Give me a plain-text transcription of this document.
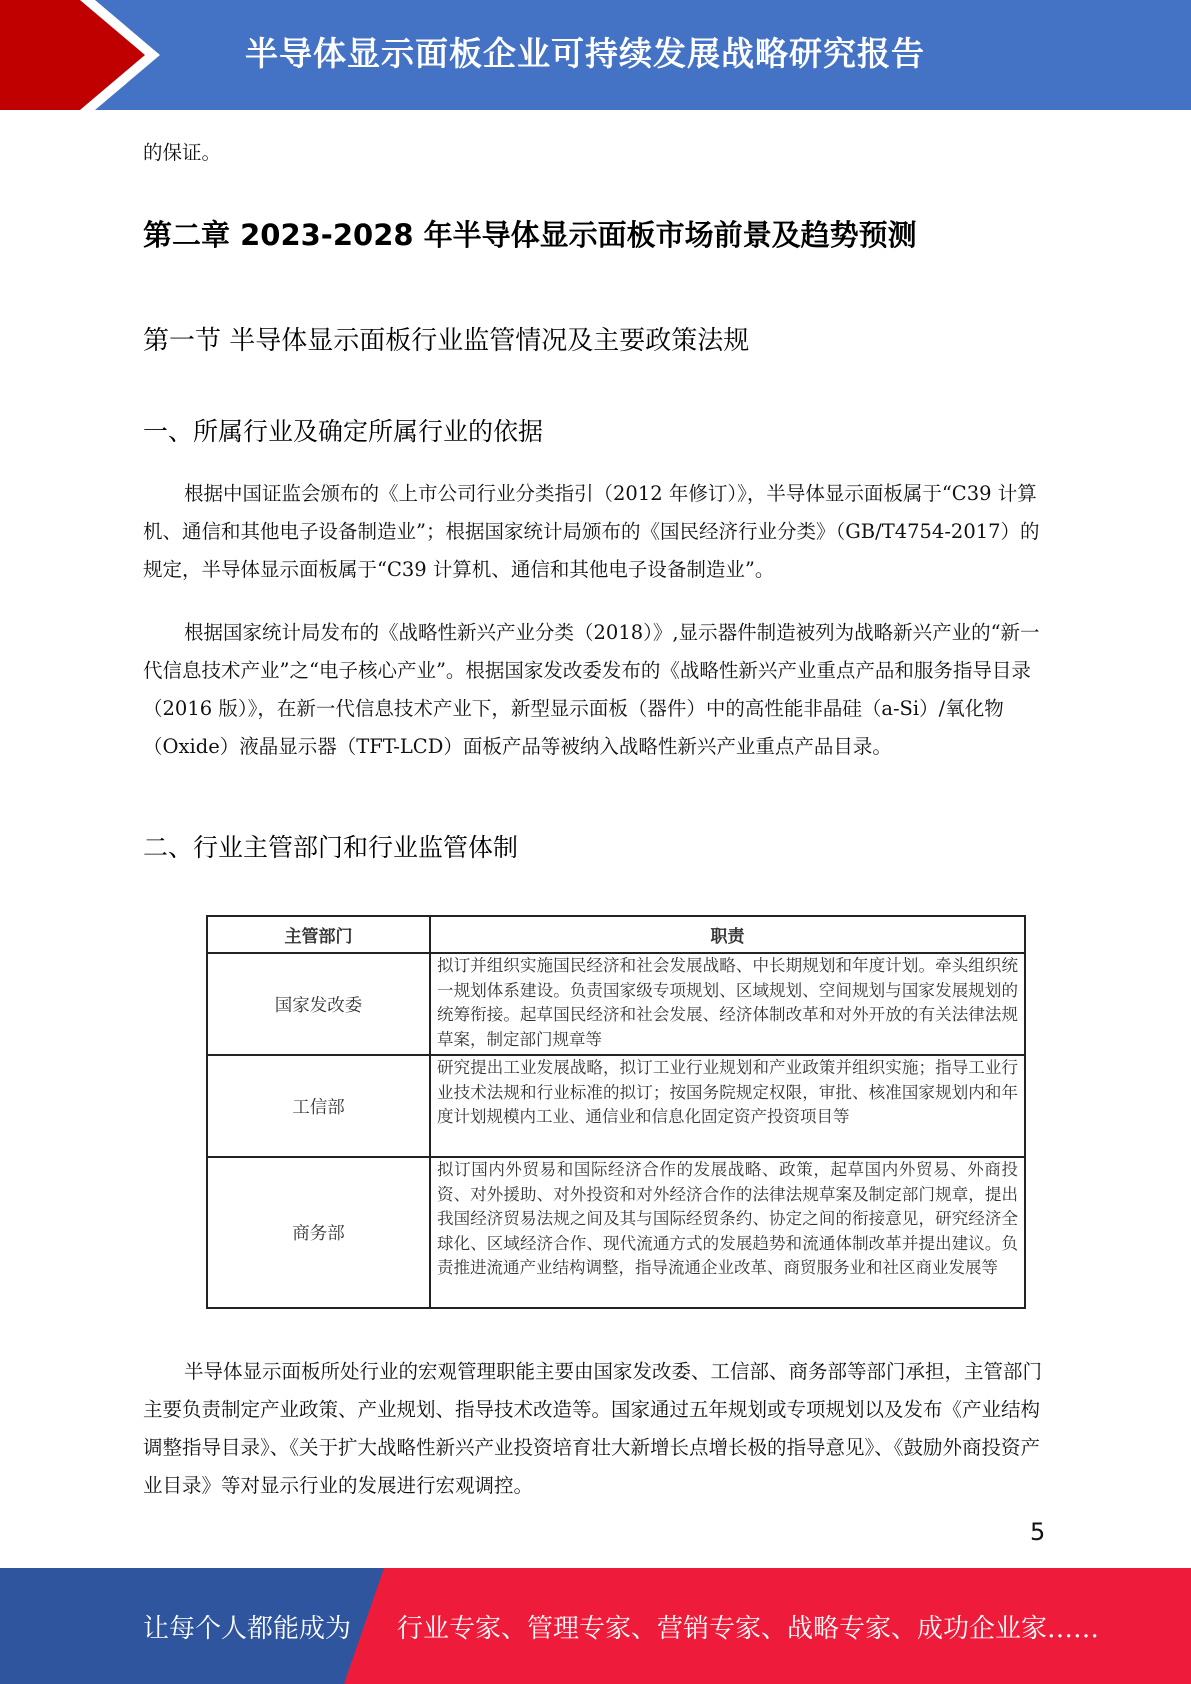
半导体显示面板企业可持续发展战略研究报告
的保证。
第二章 2023-2028 年半导体显示面板市场前景及趋势预测
第一节 半导体显示面板行业监管情况及主要政策法规
一、所属行业及确定所属行业的依据
根据中国证监会颁布的《上市公司行业分类指引（2012 年修订）》，半导体显示面板属于“C39 计算机、通信和其他电子设备制造业”；根据国家统计局颁布的《国民经济行业分类》（GB/T4754-2017）的规定，半导体显示面板属于“C39 计算机、通信和其他电子设备制造业”。
根据国家统计局发布的《战略性新兴产业分类（2018）》,显示器件制造被列为战略新兴产业的“新一代信息技术产业”之“电子核心产业”。根据国家发改委发布的《战略性新兴产业重点产品和服务指导目录（2016 版）》，在新一代信息技术产业下，新型显示面板（器件）中的高性能非晶硅（a-Si）/氧化物（Oxide）液晶显示器（TFT-LCD）面板产品等被纳入战略性新兴产业重点产品目录。
二、行业主管部门和行业监管体制
主管部门	职责
国家发改委	拟订并组织实施国民经济和社会发展战略、中长期规划和年度计划。牵头组织统一规划体系建设。负责国家级专项规划、区域规划、空间规划与国家发展规划的统筹衔接。起草国民经济和社会发展、经济体制改革和对外开放的有关法律法规草案，制定部门规章等
工信部	研究提出工业发展战略，拟订工业行业规划和产业政策并组织实施；指导工业行业技术法规和行业标准的拟订；按国务院规定权限，审批、核准国家规划内和年度计划规模内工业、通信业和信息化固定资产投资项目等
商务部	拟订国内外贸易和国际经济合作的发展战略、政策，起草国内外贸易、外商投资、对外援助、对外投资和对外经济合作的法律法规草案及制定部门规章，提出我国经济贸易法规之间及其与国际经贸条约、协定之间的衔接意见，研究经济全球化、区域经济合作、现代流通方式的发展趋势和流通体制改革并提出建议。负责推进流通产业结构调整，指导流通企业改革、商贸服务业和社区商业发展等
半导体显示面板所处行业的宏观管理职能主要由国家发改委、工信部、商务部等部门承担，主管部门主要负责制定产业政策、产业规划、指导技术改造等。国家通过五年规划或专项规划以及发布《产业结构调整指导目录》、《关于扩大战略性新兴产业投资培育壮大新增长点增长极的指导意见》、《鼓励外商投资产业目录》等对显示行业的发展进行宏观调控。
5
让每个人都能成为 行业专家、管理专家、营销专家、战略专家、成功企业家……
